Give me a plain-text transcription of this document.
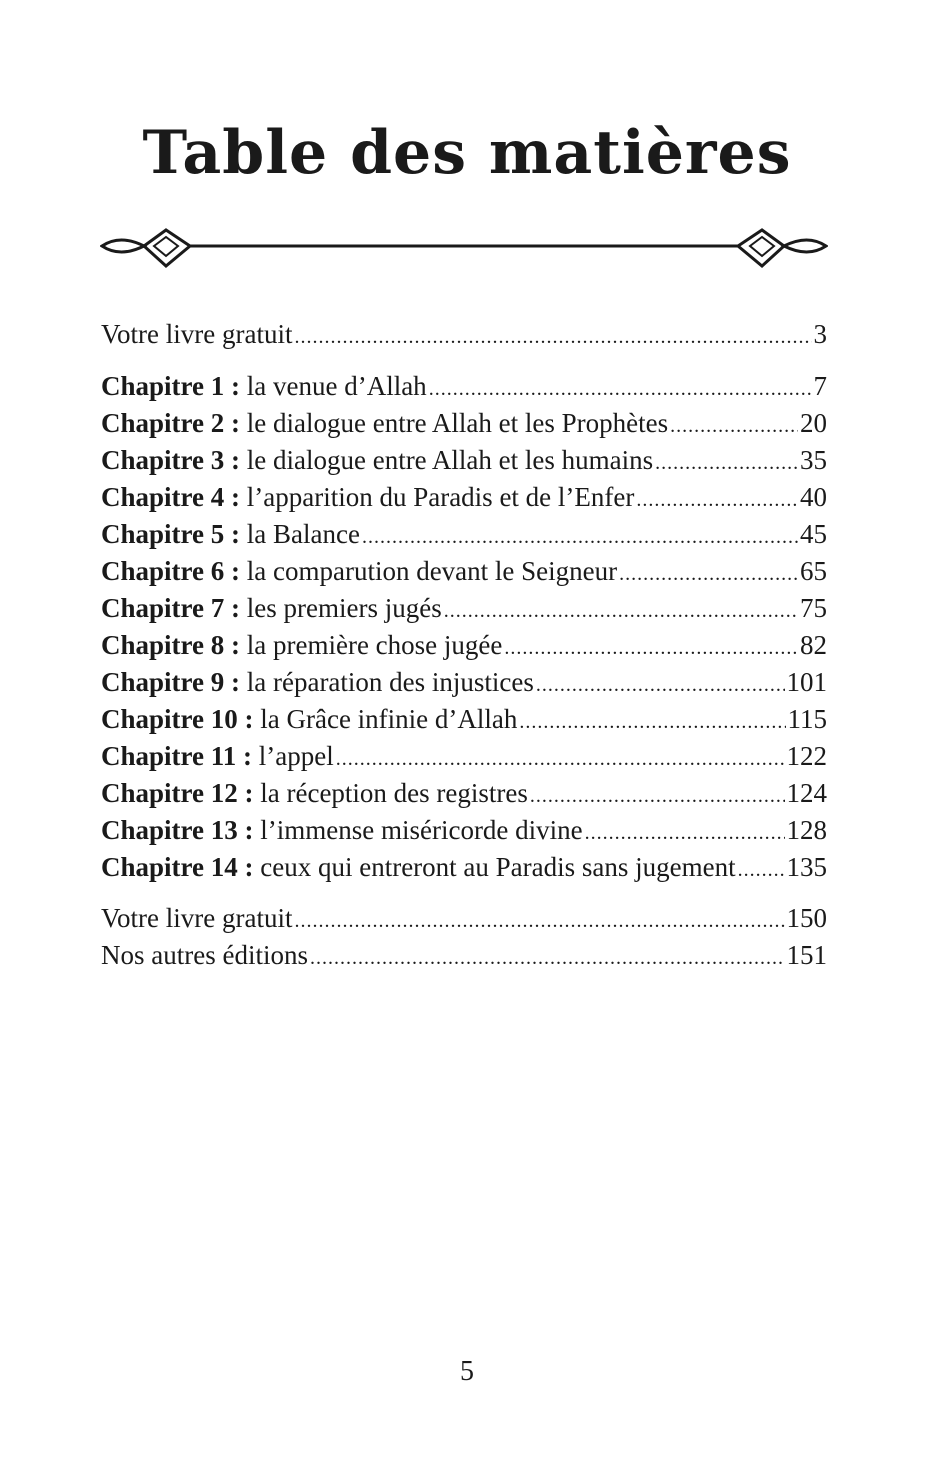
Table des matières
Votre livre gratuit .....	3
Chapitre 1 : la venue d’Allah .....	7
Chapitre 2 : le dialogue entre Allah et les Prophètes .....	20
Chapitre 3 : le dialogue entre Allah et les humains .....	35
Chapitre 4 : l’apparition du Paradis et de l’Enfer .....	40
Chapitre 5 : la Balance .....	45
Chapitre 6 : la comparution devant le Seigneur .....	65
Chapitre 7 : les premiers jugés .....	75
Chapitre 8 : la première chose jugée .....	82
Chapitre 9 : la réparation des injustices .....	101
Chapitre 10 : la Grâce infinie d’Allah .....	115
Chapitre 11 : l’appel .....	122
Chapitre 12 : la réception des registres .....	124
Chapitre 13 : l’immense miséricorde divine .....	128
Chapitre 14 : ceux qui entreront au Paradis sans jugement ..... 135
Votre livre gratuit .....	150
Nos autres éditions .....	151
5
